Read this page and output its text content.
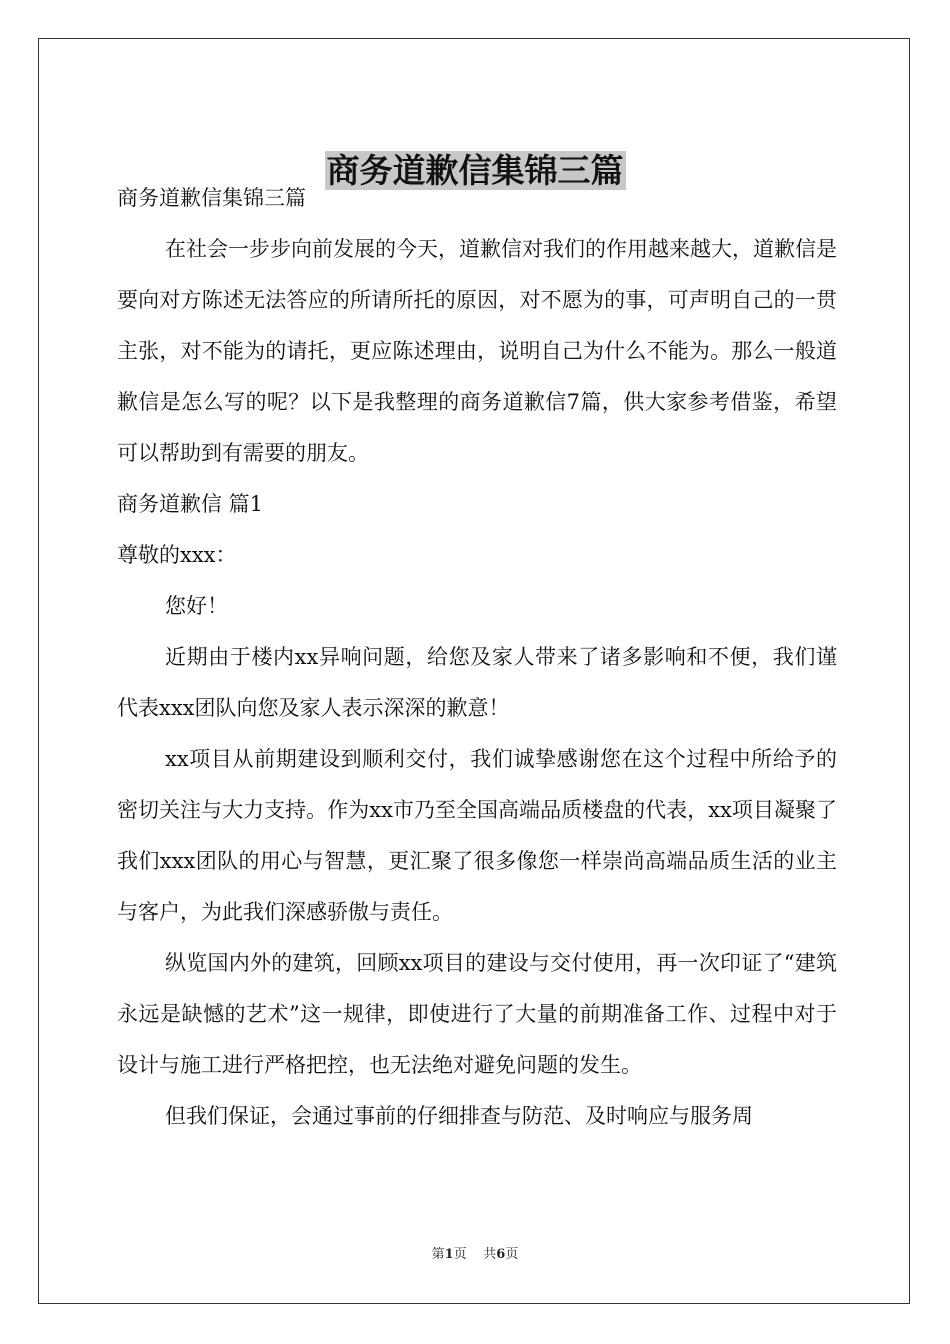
商务道歉信集锦三篇

商务道歉信集锦三篇

在社会一步步向前发展的今天，道歉信对我们的作用越来越大，道歉信是要向对方陈述无法答应的所请所托的原因，对不愿为的事，可声明自己的一贯主张，对不能为的请托，更应陈述理由，说明自己为什么不能为。那么一般道歉信是怎么写的呢？以下是我整理的商务道歉信7篇，供大家参考借鉴，希望可以帮助到有需要的朋友。

商务道歉信 篇1

尊敬的xxx：

您好！

近期由于楼内xx异响问题，给您及家人带来了诸多影响和不便，我们谨代表xxx团队向您及家人表示深深的歉意！

xx项目从前期建设到顺利交付，我们诚挚感谢您在这个过程中所给予的密切关注与大力支持。作为xx市乃至全国高端品质楼盘的代表，xx项目凝聚了我们xxx团队的用心与智慧，更汇聚了很多像您一样崇尚高端品质生活的业主与客户，为此我们深感骄傲与责任。

纵览国内外的建筑，回顾xx项目的建设与交付使用，再一次印证了“建筑永远是缺憾的艺术”这一规律，即使进行了大量的前期准备工作、过程中对于设计与施工进行严格把控，也无法绝对避免问题的发生。

但我们保证，会通过事前的仔细排查与防范、及时响应与服务周

第1页 共6页
